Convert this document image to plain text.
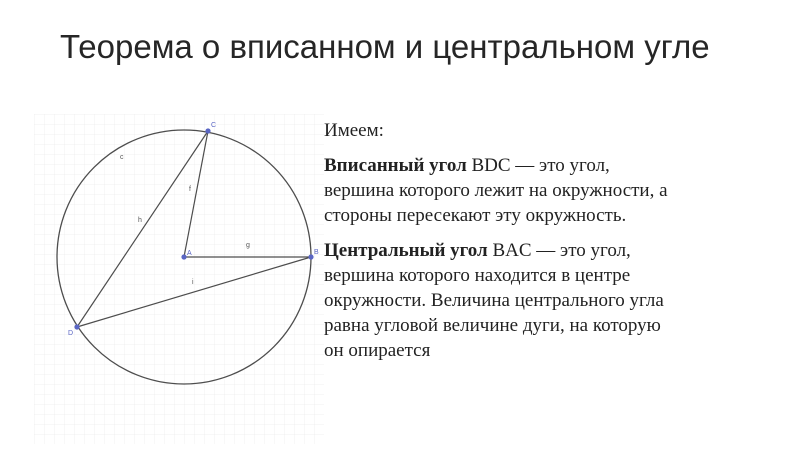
Теорема о вписанном и центральном угле
C
A	B
D
c
f
g
h
i

Имеем:

Вписанный угол BDC — это угол,

вершина которого лежит на окружности, а

стороны пересекают эту окружность.

Центральный угол BAC — это угол,

вершина которого находится в центре

окружности. Величина центрального угла

равна угловой величине дуги, на которую

он опирается
